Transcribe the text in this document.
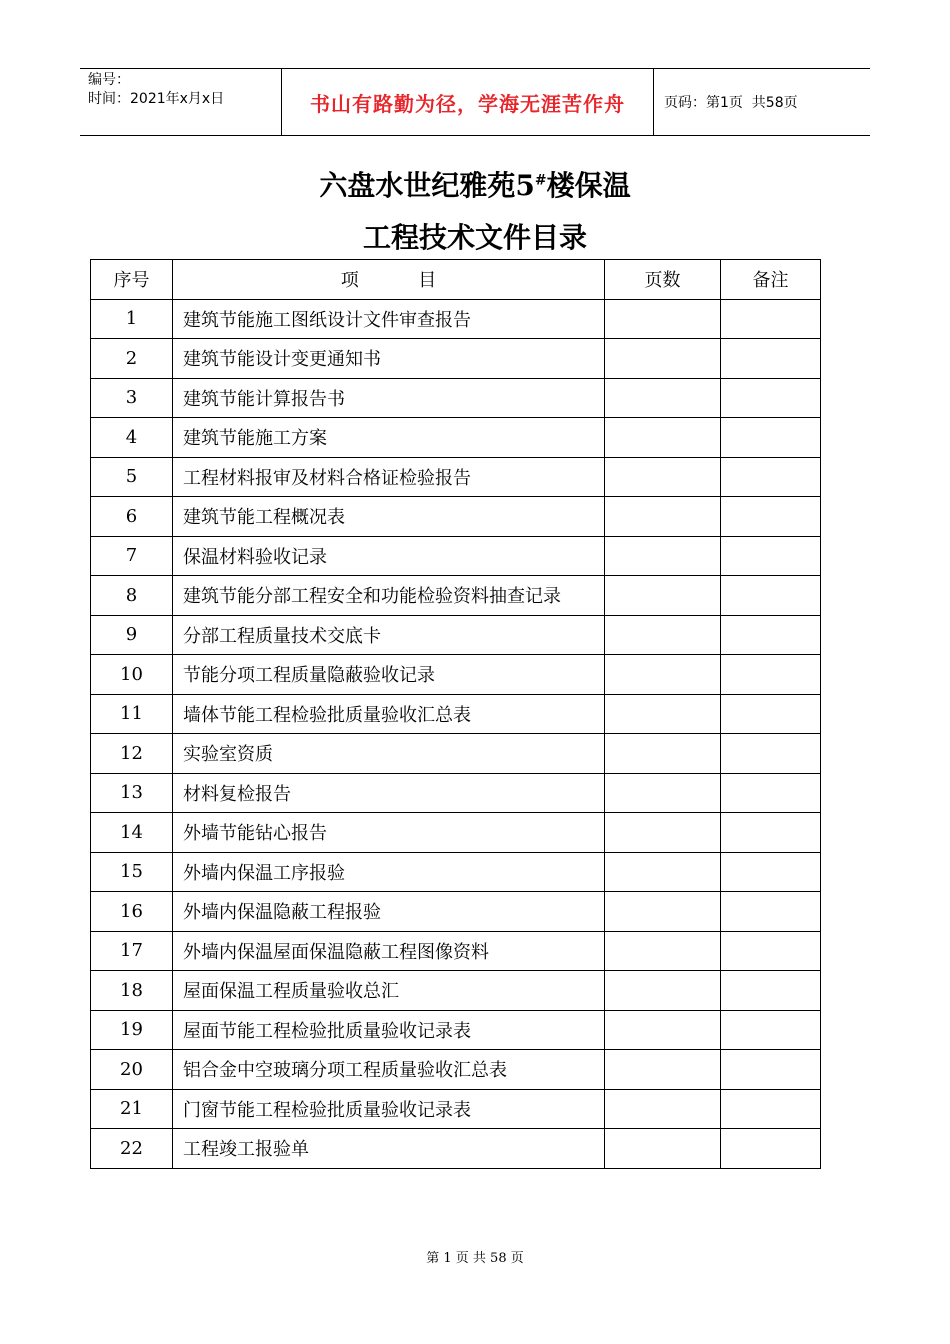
编号：
时间：2021年x月x日	书山有路勤为径，学海无涯苦作舟	页码：第1页  共58页
六盘水世纪雅苑5#楼保温
工程技术文件目录
序号	项  目	页数	备注
1	建筑节能施工图纸设计文件审查报告		
2	建筑节能设计变更通知书		
3	建筑节能计算报告书		
4	建筑节能施工方案		
5	工程材料报审及材料合格证检验报告		
6	建筑节能工程概况表		
7	保温材料验收记录		
8	建筑节能分部工程安全和功能检验资料抽查记录		
9	分部工程质量技术交底卡		
10	节能分项工程质量隐蔽验收记录		
11	墙体节能工程检验批质量验收汇总表		
12	实验室资质		
13	材料复检报告		
14	外墙节能钻心报告		
15	外墙内保温工序报验		
16	外墙内保温隐蔽工程报验		
17	外墙内保温屋面保温隐蔽工程图像资料		
18	屋面保温工程质量验收总汇		
19	屋面节能工程检验批质量验收记录表		
20	铝合金中空玻璃分项工程质量验收汇总表		
21	门窗节能工程检验批质量验收记录表		
22	工程竣工报验单		
第 1 页 共 58 页
